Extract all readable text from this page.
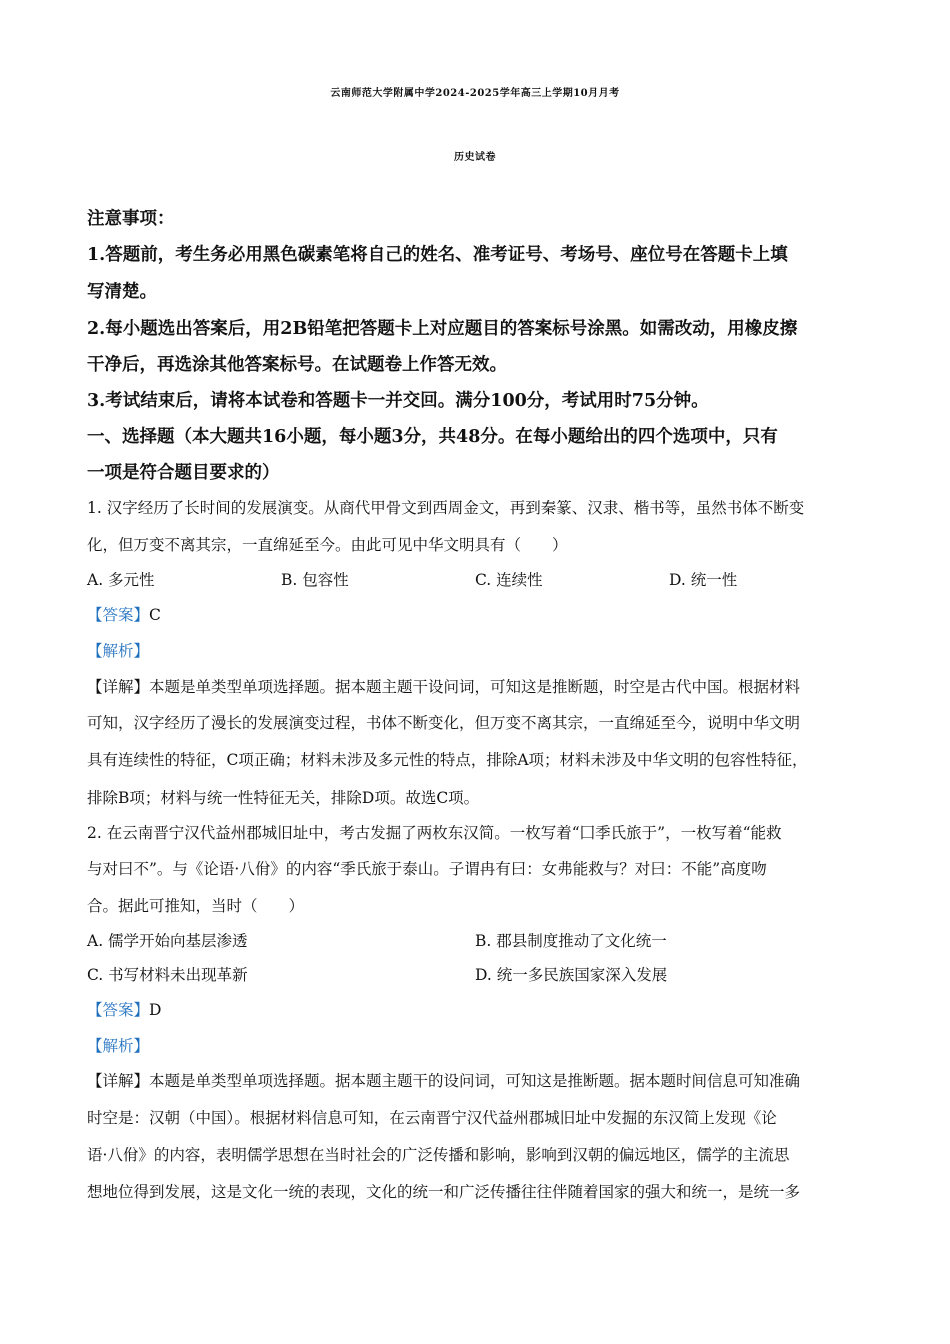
云南师范大学附属中学2024-2025学年高三上学期10月月考
历史试卷
注意事项：
1.答题前，考生务必用黑色碳素笔将自己的姓名、准考证号、考场号、座位号在答题卡上填
写清楚。
2.每小题选出答案后，用2B铅笔把答题卡上对应题目的答案标号涂黑。如需改动，用橡皮擦
干净后，再选涂其他答案标号。在试题卷上作答无效。
3.考试结束后，请将本试卷和答题卡一并交回。满分100分，考试用时75分钟。
一、选择题（本大题共16小题，每小题3分，共48分。在每小题给出的四个选项中，只有
一项是符合题目要求的）
1. 汉字经历了长时间的发展演变。从商代甲骨文到西周金文，再到秦篆、汉隶、楷书等，虽然书体不断变
化，但万变不离其宗，一直绵延至今。由此可见中华文明具有（　　）
A. 多元性	B. 包容性	C. 连续性	D. 统一性
【答案】C
【解析】
【详解】本题是单类型单项选择题。据本题主题干设问词，可知这是推断题，时空是古代中国。根据材料
可知，汉字经历了漫长的发展演变过程，书体不断变化，但万变不离其宗，一直绵延至今，说明中华文明
具有连续性的特征，C项正确；材料未涉及多元性的特点，排除A项；材料未涉及中华文明的包容性特征，
排除B项；材料与统一性特征无关，排除D项。故选C项。
2. 在云南晋宁汉代益州郡城旧址中，考古发掘了两枚东汉简。一枚写着“囗季氏旅于”，一枚写着“能救
与对曰不”。与《论语·八佾》的内容“季氏旅于泰山。子谓冉有曰：女弗能救与？对曰：不能”高度吻
合。据此可推知，当时（　　）
A. 儒学开始向基层渗透	B. 郡县制度推动了文化统一
C. 书写材料未出现革新	D. 统一多民族国家深入发展
【答案】D
【解析】
【详解】本题是单类型单项选择题。据本题主题干的设问词，可知这是推断题。据本题时间信息可知准确
时空是：汉朝（中国）。根据材料信息可知，在云南晋宁汉代益州郡城旧址中发掘的东汉简上发现《论
语·八佾》的内容，表明儒学思想在当时社会的广泛传播和影响，影响到汉朝的偏远地区，儒学的主流思
想地位得到发展，这是文化一统的表现，文化的统一和广泛传播往往伴随着国家的强大和统一，是统一多
